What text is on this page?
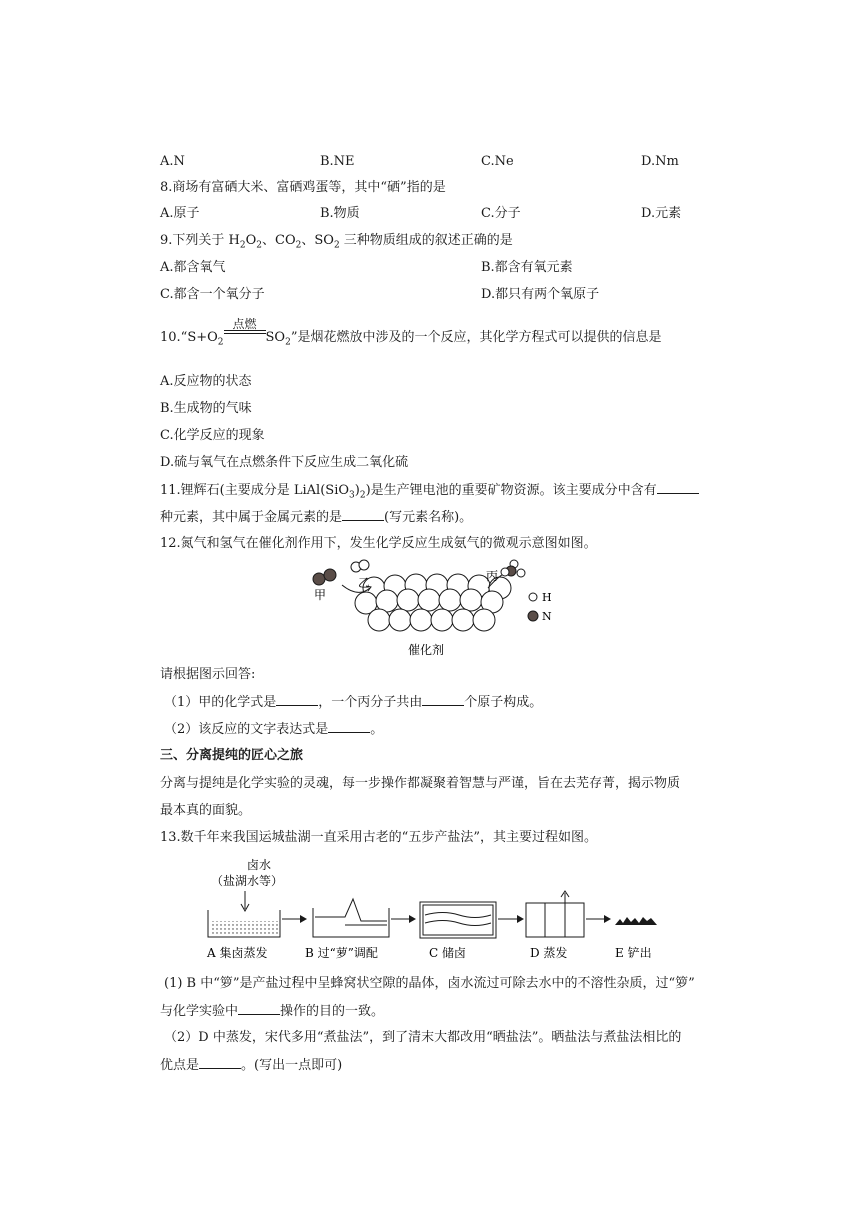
A.N	B.NE	C.Ne	D.Nm
8.商场有富硒大米、富硒鸡蛋等，其中“硒”指的是
A.原子	B.物质	C.分子	D.元素
9.下列关于 $H_2O_2$、$CO_2$、$SO_2$ 三种物质组成的叙述正确的是
A.都含氧气	B.都含有氧元素
C.都含一个氧分子	D.都只有两个氧原子
$10.“S+O_2$
点燃
$SO_2$”是烟花燃放中涉及的一个反应，其化学方程式可以提供的信息是
A.反应物的状态
B.生成物的气味
C.化学反应的现象
D.硫与氧气在点燃条件下反应生成二氧化硫
11.锂辉石(主要成分是 $LiAl(SiO_3)_2$)是生产锂电池的重要矿物资源。该主要成分中含有
种元素，其中属于金属元素的是	(写元素名称)。
12.氮气和氢气在催化剂作用下，发生化学反应生成氨气的微观示意图如图。
甲
乙	丙
H
N
催化剂
请根据图示回答:
（1）甲的化学式是	，一个丙分子共由	个原子构成。
（2）该反应的文字表达式是	。
三、分离提纯的匠心之旅
分离与提纯是化学实验的灵魂，每一步操作都凝聚着智慧与严谨，旨在去芜存菁，揭示物质
最本真的面貌。
13.数千年来我国运城盐湖一直采用古老的“五步产盐法”，其主要过程如图。
卤水
（盐湖水等）
A 集卤蒸发	B 过“萝”调配	C 储卤	D 蒸发	E 铲出
(1) B 中“箩”是产盐过程中呈蜂窝状空隙的晶体，卤水流过可除去水中的不溶性杂质，过“箩”
与化学实验中	操作的目的一致。
（2）D 中蒸发，宋代多用“煮盐法”，到了清末大都改用“晒盐法”。晒盐法与煮盐法相比的
优点是	。(写出一点即可)
